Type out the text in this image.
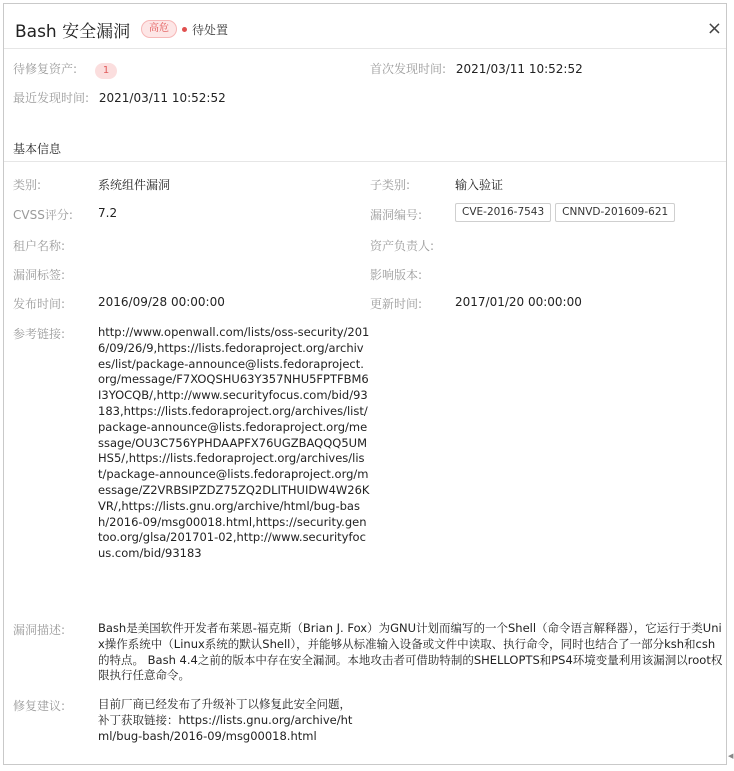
Bash 安全漏洞	高危	待处置	×
待修复资产:	1	首次发现时间: 2021/03/11 10:52:52
最近发现时间: 2021/03/11 10:52:52
基本信息
类别:	系统组件漏洞	子类别:	输入验证
CVSS评分: 7.2	漏洞编号:	CVE-2016-7543 CNNVD-201609-621
租户名称:	资产负责人:
漏洞标签:	影响版本:
发布时间:	2016/09/28 00:00:00	更新时间:	2017/01/20 00:00:00
参考链接:	http://www.openwall.com/lists/oss-security/2016/09/26/9,https://lists.fedoraproject.org/archives/list/package-announce@lists.fedoraproject.org/message/F7XOQSHU63Y357NHU5FPTFBM6I3YOCQB/,http://www.securityfocus.com/bid/93183,https://lists.fedoraproject.org/archives/list/package-announce@lists.fedoraproject.org/message/OU3C756YPHDAAPFX76UGZBAQQQ5UMHS5/,https://lists.fedoraproject.org/archives/list/package-announce@lists.fedoraproject.org/message/Z2VRBSIPZDZ75ZQ2DLITHUIDW4W26KVR/,https://lists.gnu.org/archive/html/bug-bash/2016-09/msg00018.html,https://security.gentoo.org/glsa/201701-02,http://www.securityfocus.com/bid/93183
漏洞描述:	Bash是美国软件开发者布莱恩-福克斯（Brian J. Fox）为GNU计划而编写的一个Shell（命令语言解释器），它运行于类Unix操作系统中（Linux系统的默认Shell），并能够从标准输入设备或文件中读取、执行命令，同时也结合了一部分ksh和csh的特点。 Bash 4.4之前的版本中存在安全漏洞。本地攻击者可借助特制的SHELLOPTS和PS4环境变量利用该漏洞以root权限执行任意命令。
修复建议:	目前厂商已经发布了升级补丁以修复此安全问题，补丁获取链接：https://lists.gnu.org/archive/html/bug-bash/2016-09/msg00018.html
◀
